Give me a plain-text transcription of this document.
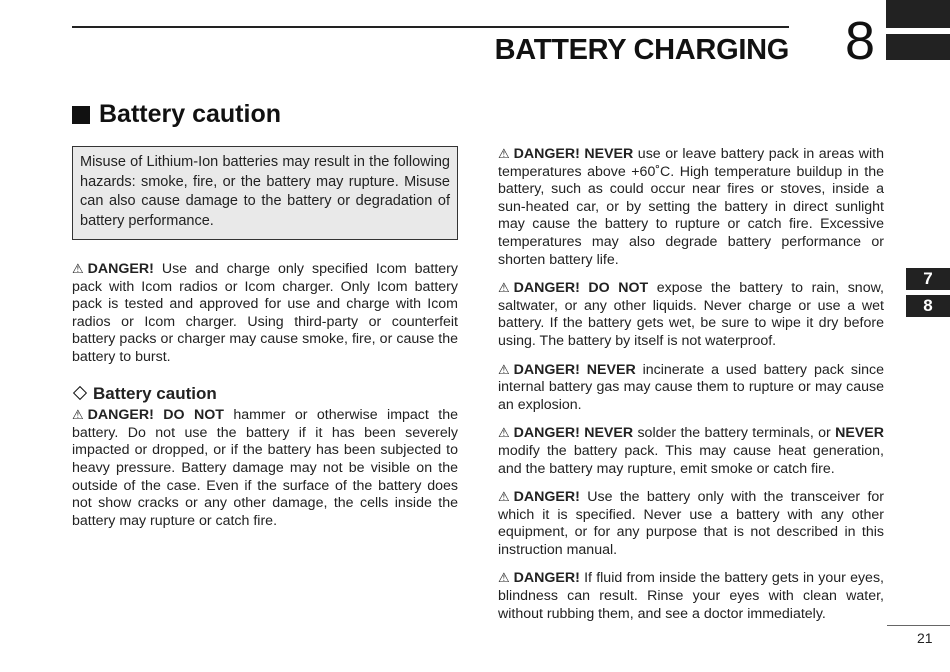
BATTERY CHARGING 8
Battery caution
Misuse of Lithium-Ion batteries may result in the following hazards: smoke, fire, or the battery may rupture. Misuse can also cause damage to the battery or degradation of battery performance.

⚠ DANGER! Use and charge only specified Icom battery pack with Icom radios or Icom charger. Only Icom battery pack is tested and approved for use and charge with Icom radios or Icom charger. Using third-party or counterfeit battery packs or charger may cause smoke, fire, or cause the battery to burst.

Battery caution

⚠ DANGER! DO NOT hammer or otherwise impact the battery. Do not use the battery if it has been severely impacted or dropped, or if the battery has been subjected to heavy pressure. Battery damage may not be visible on the outside of the case. Even if the surface of the battery does not show cracks or any other damage, the cells inside the battery may rupture or catch fire.

⚠ DANGER! NEVER use or leave battery pack in areas with temperatures above +60˚C. High temperature buildup in the battery, such as could occur near fires or stoves, inside a sun-heated car, or by setting the battery in direct sunlight may cause the battery to rupture or catch fire. Excessive temperatures may also degrade battery performance or shorten battery life.

⚠ DANGER! DO NOT expose the battery to rain, snow, saltwater, or any other liquids. Never charge or use a wet battery. If the battery gets wet, be sure to wipe it dry before using. The battery by itself is not waterproof.

⚠ DANGER! NEVER incinerate a used battery pack since internal battery gas may cause them to rupture or may cause an explosion.

⚠ DANGER! NEVER solder the battery terminals, or NEVER modify the battery pack. This may cause heat generation, and the battery may rupture, emit smoke or catch fire.

⚠ DANGER! Use the battery only with the transceiver for which it is specified. Never use a battery with any other equipment, or for any purpose that is not described in this instruction manual.

⚠ DANGER! If fluid from inside the battery gets in your eyes, blindness can result. Rinse your eyes with clean water, without rubbing them, and see a doctor immediately.

7
8
21
